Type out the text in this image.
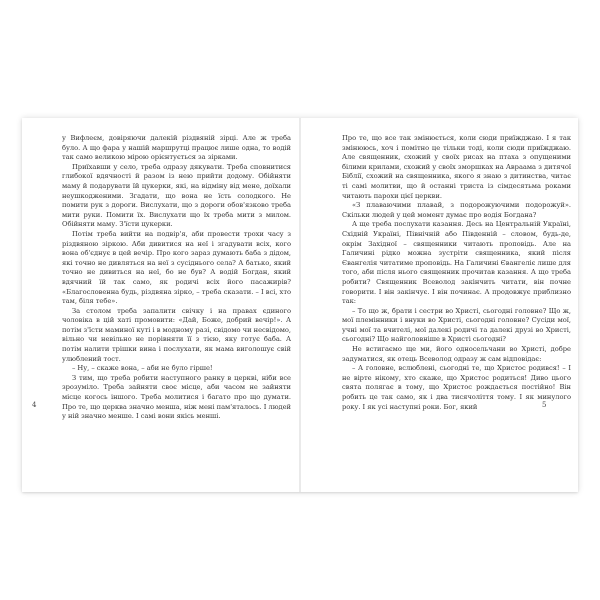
у Вифлеєм, довіряючи далекій різдвяній зірці. Але ж треба було. А що фара у нашій маршрутці працює лише одна, то водій так само великою мірою орієнтується за зірками.

Приїхавши у село, треба одразу дякувати. Треба сповнитися глибокої вдячності й разом із нею прийти додому. Обійняти маму й подарувати їй цукерки, які, на відміну від мене, доїхали неушкодженими. Згадати, що вона не їсть солодкого. Не помити рук з дороги. Вислухати, що з дороги обов'язково треба мити руки. Помити їх. Вислухати що їх треба мити з милом. Обійняти маму. З'їсти цукерки.

Потім треба вийти на подвір'я, аби провести трохи часу з різдвяною зіркою. Аби дивитися на неї і згадувати всіх, кого вона об'єднує в цей вечір. Про кого зараз думають баба з дідом, які точно не дивляться на неї з сусіднього села? А батько, який точно не дивиться на неї, бо не був? А водій Богдан, який вдячний їй так само, як родичі всіх його пасажирів? «Благословенна будь, різдвяна зірко, – треба сказати. – І всі, хто там, біля тебе».

За столом треба запалити свічку і на правах єдиного чоловіка в цій хаті промовити: «Дай, Боже, добрий вечір!». А потім з'їсти маминої куті і в модному разі, свідомо чи несвідомо, вільно чи невільно не порівняти її з тією, яку готує баба. А потім налити трішки вина і послухати, як мама виголошує свій улюблений тост.

– Ну, – скаже вона, – аби не було гірше!

З тим, що треба робити наступного ранку в церкві, ніби все зрозуміло. Треба зайняти своє місце, аби часом не зайняти місце когось іншого. Треба молитися і багато про що думати. Про те, що церква значно менша, ніж мені пам'яталось. І людей у ній значно менше. І самі вони якісь менші.

4

Про те, що все так змінюється, коли сюди приїжджаю. І я так змінююсь, хоч і помітно це тільки тоді, коли сюди приїжджаю. Але священник, схожий у своїх рисах на птаха з опущеними білими крилами, схожий у своїх зморшках на Авраама з дитячої Біблії, схожий на священника, якого я знаю з дитинства, читає ті самі молитви, що й останні триста із сімдесятьма роками читають парохи цієї церкви.

«З плаваючими плавай, з подорожуючими подорожуй». Скільки людей у цей момент думає про водія Богдана?

А ще треба послухати казання. Десь на Центральній Україні, Східній Україні, Північній або Південній – словом, будь-де, окрім Західної – священники читають проповідь. Але на Галичині рідко можна зустріти священника, який після Євангелія читатиме проповідь. На Галичині Євангеліє лише для того, аби після нього священник прочитав казання. А що треба робити? Священник Всеволод закінчить читати, він почне говорити. І він закінчує. І він починає. А продовжує приблизно так:

– То що ж, брати і сестри во Христі, сьогодні головне? Що ж, мої племінники і внуки во Христі, сьогодні головне? Сусіди мої, учні мої та вчителі, мої далекі родичі та далекі друзі во Христі, сьогодні? Що найголовніше в Христі сьогодні?

Не встигаємо ще ми, його односельчани во Христі, добре задуматися, як отець Всеволод одразу ж сам відповідає:

– А головне, вслюблені, сьогодні те, що Христос родився! – І не вірте нікому, хто скаже, що Христос родиться! Диво цього свята полягає в тому, що Христос рождається постійно! Він робить це так само, як і два тисячоліття тому. І як минулого року. І як усі наступні роки. Бог, який	5
